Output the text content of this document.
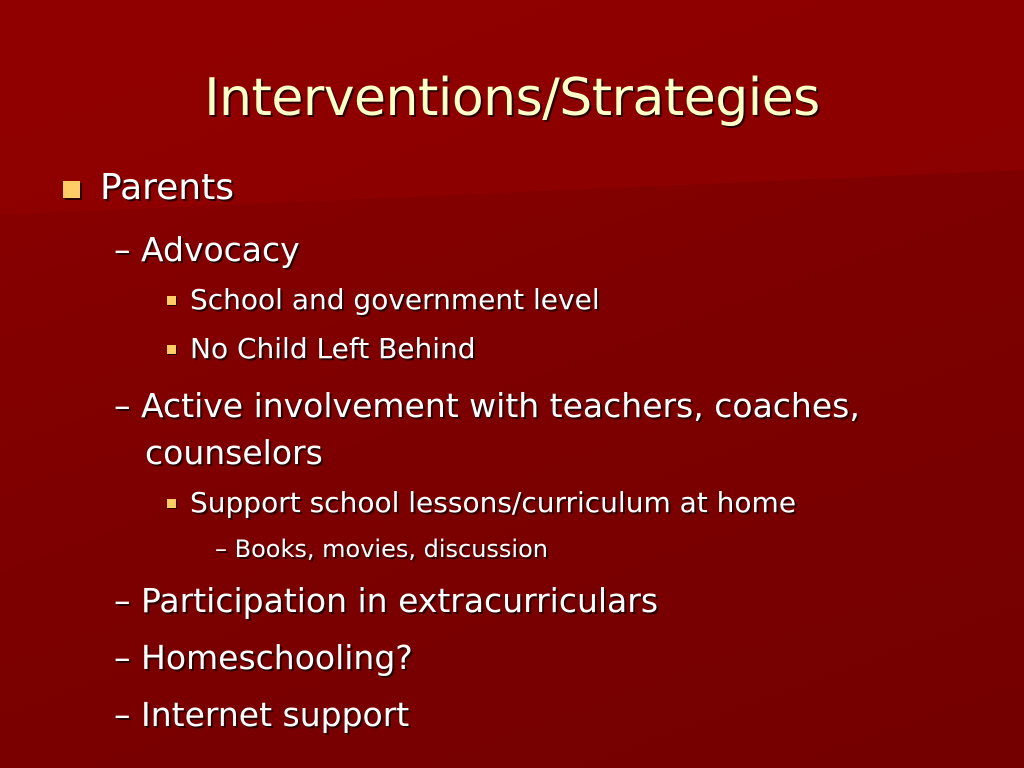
Interventions/Strategies
Parents
– Advocacy
School and government level
No Child Left Behind
– Active involvement with teachers, coaches,
counselors
Support school lessons/curriculum at home
– Books, movies, discussion
– Participation in extracurriculars
– Homeschooling?
– Internet support
